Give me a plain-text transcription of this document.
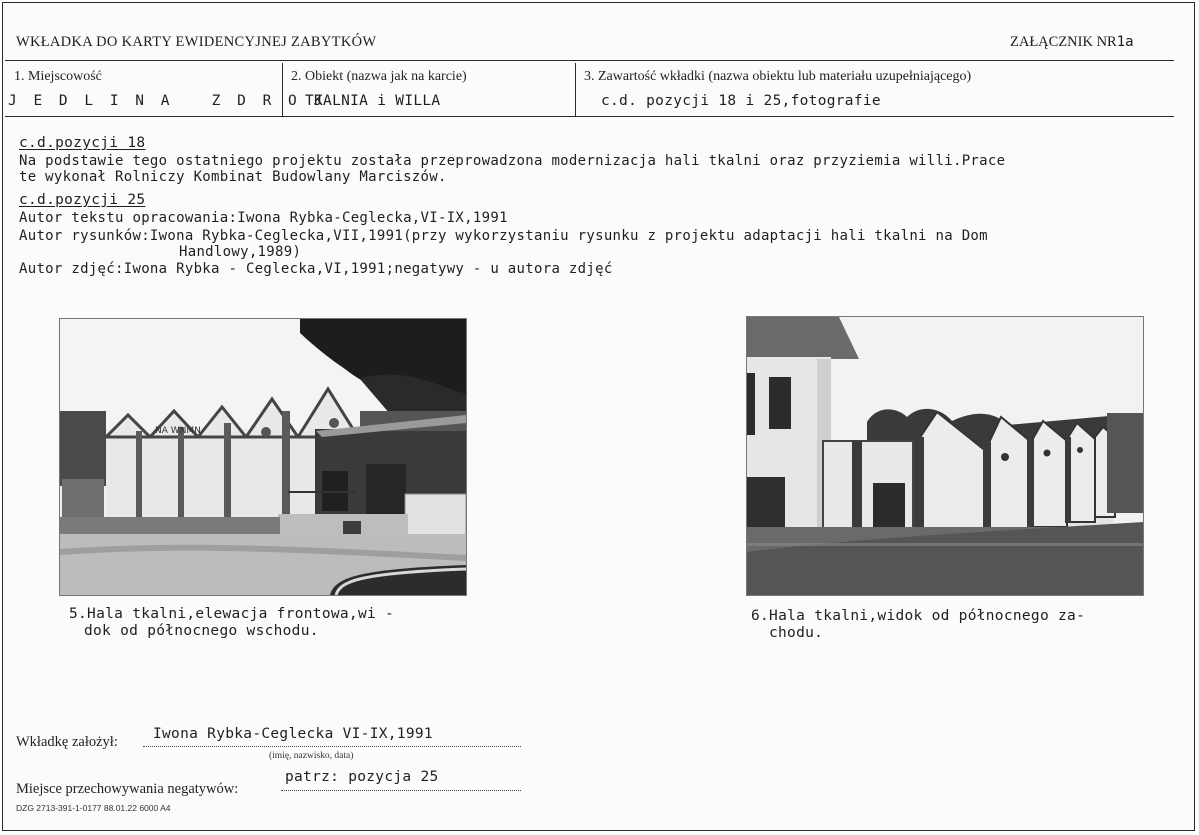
WKŁADKA DO KARTY EWIDENCYJNEJ ZABYTKÓW	ZAŁĄCZNIK NR1a
1. Miejscowość
J E D L I N A   Z D R O J
2. Obiekt (nazwa jak na karcie)
TKALNIA i WILLA
3. Zawartość wkładki (nazwa obiektu lub materiału uzupełniającego)
c.d. pozycji 18 i 25,fotografie
c.d.pozycji 18
Na podstawie tego ostatniego projektu została przeprowadzona modernizacja hali tkalni oraz przyziemia willi.Prace
te wykonał Rolniczy Kombinat Budowlany Marciszów.
c.d.pozycji 25
Autor tekstu opracowania:Iwona Rybka-Ceglecka,VI-IX,1991
Autor rysunków:Iwona Rybka-Ceglecka,VII,1991(przy wykorzystaniu rysunku z projektu adaptacji hali tkalni na Dom
Handlowy,1989)
Autor zdjęć:Iwona Rybka - Ceglecka,VI,1991;negatywy - u autora zdjęć
NA WNMN
5.Hala tkalni,elewacja frontowa,wi -
dok od północnego wschodu.
6.Hala tkalni,widok od północnego za-
chodu.
Wkładkę założył: Iwona Rybka-Ceglecka VI-IX,1991
(imię, nazwisko, data)
Miejsce przechowywania negatywów:
patrz: pozycja 25
DZG 2713-391-1-0177 88.01.22 6000 A4
